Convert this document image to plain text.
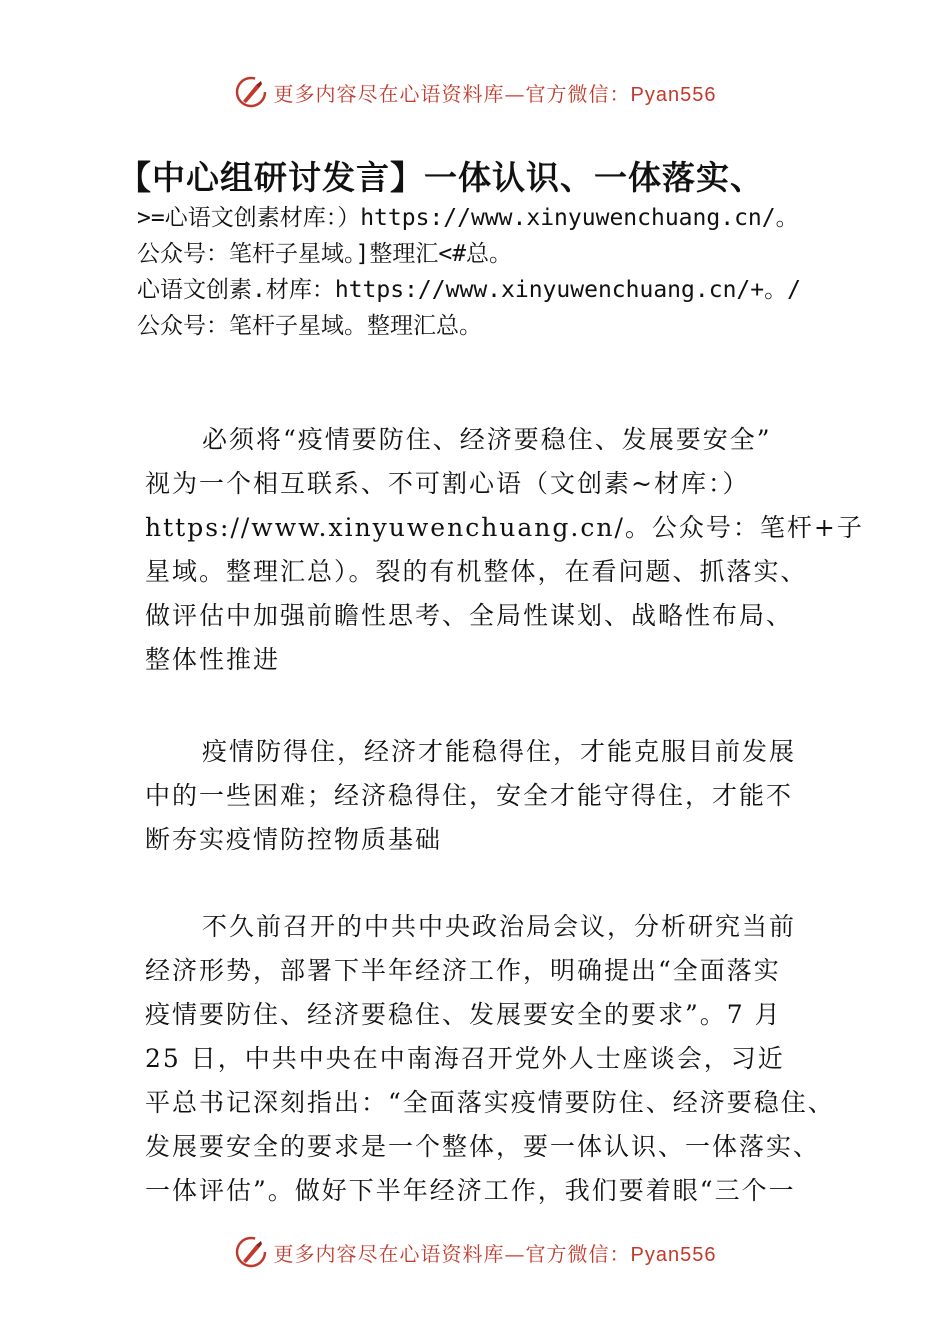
更多内容尽在心语资料库—官方微信：Pyan556
【中心组研讨发言】一体认识、一体落实、
>=心语文创素材库：）https://www.xinyuwenchuang.cn/。
公众号：笔杆子星域。]整理汇<#总。
心语文创素.材库：https://www.xinyuwenchuang.cn/+。/
公众号：笔杆子星域。整理汇总。
必须将“疫情要防住、经济要稳住、发展要安全”
视为一个相互联系、不可割心语（文创素~材库：）
https://www.xinyuwenchuang.cn/。公众号：笔杆+子
星域。整理汇总）。裂的有机整体，在看问题、抓落实、
做评估中加强前瞻性思考、全局性谋划、战略性布局、
整体性推进
疫情防得住，经济才能稳得住，才能克服目前发展
中的一些困难；经济稳得住，安全才能守得住，才能不
断夯实疫情防控物质基础
不久前召开的中共中央政治局会议，分析研究当前
经济形势，部署下半年经济工作，明确提出“全面落实
疫情要防住、经济要稳住、发展要安全的要求”。7 月
25 日，中共中央在中南海召开党外人士座谈会，习近
平总书记深刻指出：“全面落实疫情要防住、经济要稳住、
发展要安全的要求是一个整体，要一体认识、一体落实、
一体评估”。做好下半年经济工作，我们要着眼“三个一
更多内容尽在心语资料库—官方微信：Pyan556
